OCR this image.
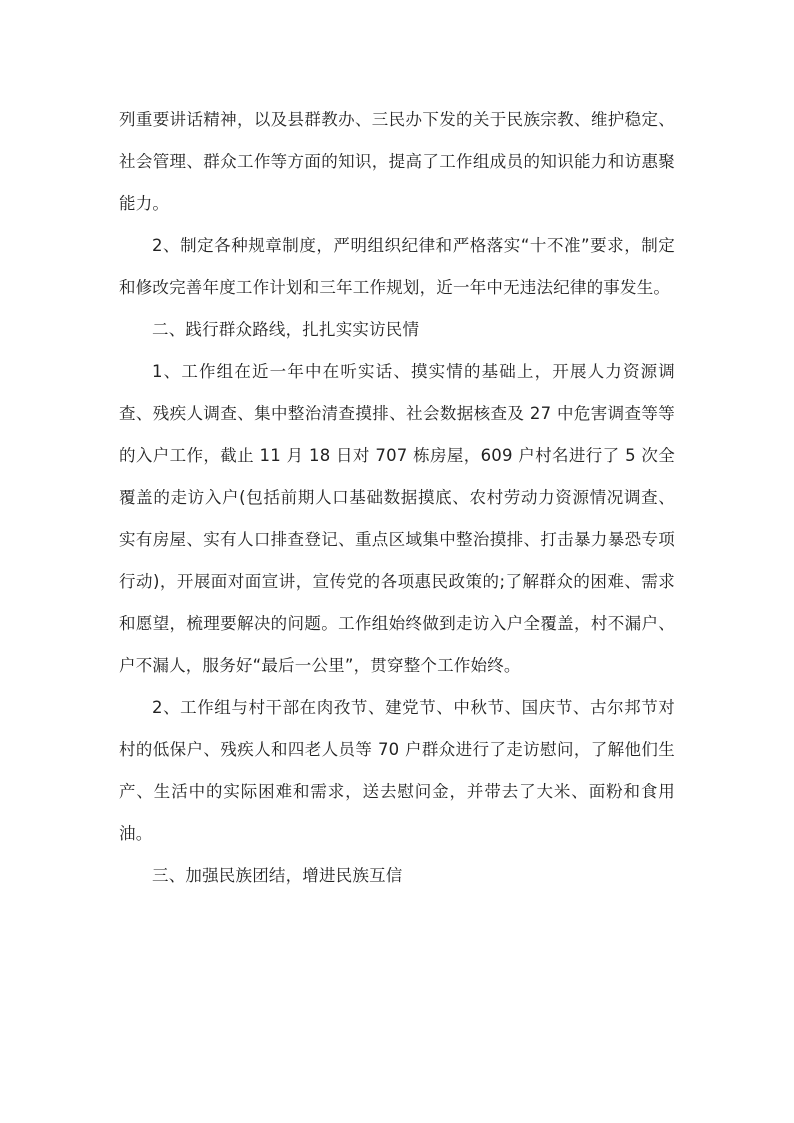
列重要讲话精神，以及县群教办、三民办下发的关于民族宗教、维护稳定、社会管理、群众工作等方面的知识，提高了工作组成员的知识能力和访惠聚能力。

2、制定各种规章制度，严明组织纪律和严格落实“十不准”要求，制定和修改完善年度工作计划和三年工作规划，近一年中无违法纪律的事发生。

二、践行群众路线，扎扎实实访民情

1、工作组在近一年中在听实话、摸实情的基础上，开展人力资源调查、残疾人调查、集中整治清查摸排、社会数据核查及 27 中危害调查等等的入户工作，截止 11 月 18 日对 707 栋房屋，609 户村名进行了 5 次全覆盖的走访入户(包括前期人口基础数据摸底、农村劳动力资源情况调查、实有房屋、实有人口排查登记、重点区域集中整治摸排、打击暴力暴恐专项行动)，开展面对面宣讲，宣传党的各项惠民政策的;了解群众的困难、需求和愿望，梳理要解决的问题。工作组始终做到走访入户全覆盖，村不漏户、户不漏人，服务好“最后一公里”，贯穿整个工作始终。

2、工作组与村干部在肉孜节、建党节、中秋节、国庆节、古尔邦节对村的低保户、残疾人和四老人员等 70 户群众进行了走访慰问，了解他们生产、生活中的实际困难和需求，送去慰问金，并带去了大米、面粉和食用油。

三、加强民族团结，增进民族互信
